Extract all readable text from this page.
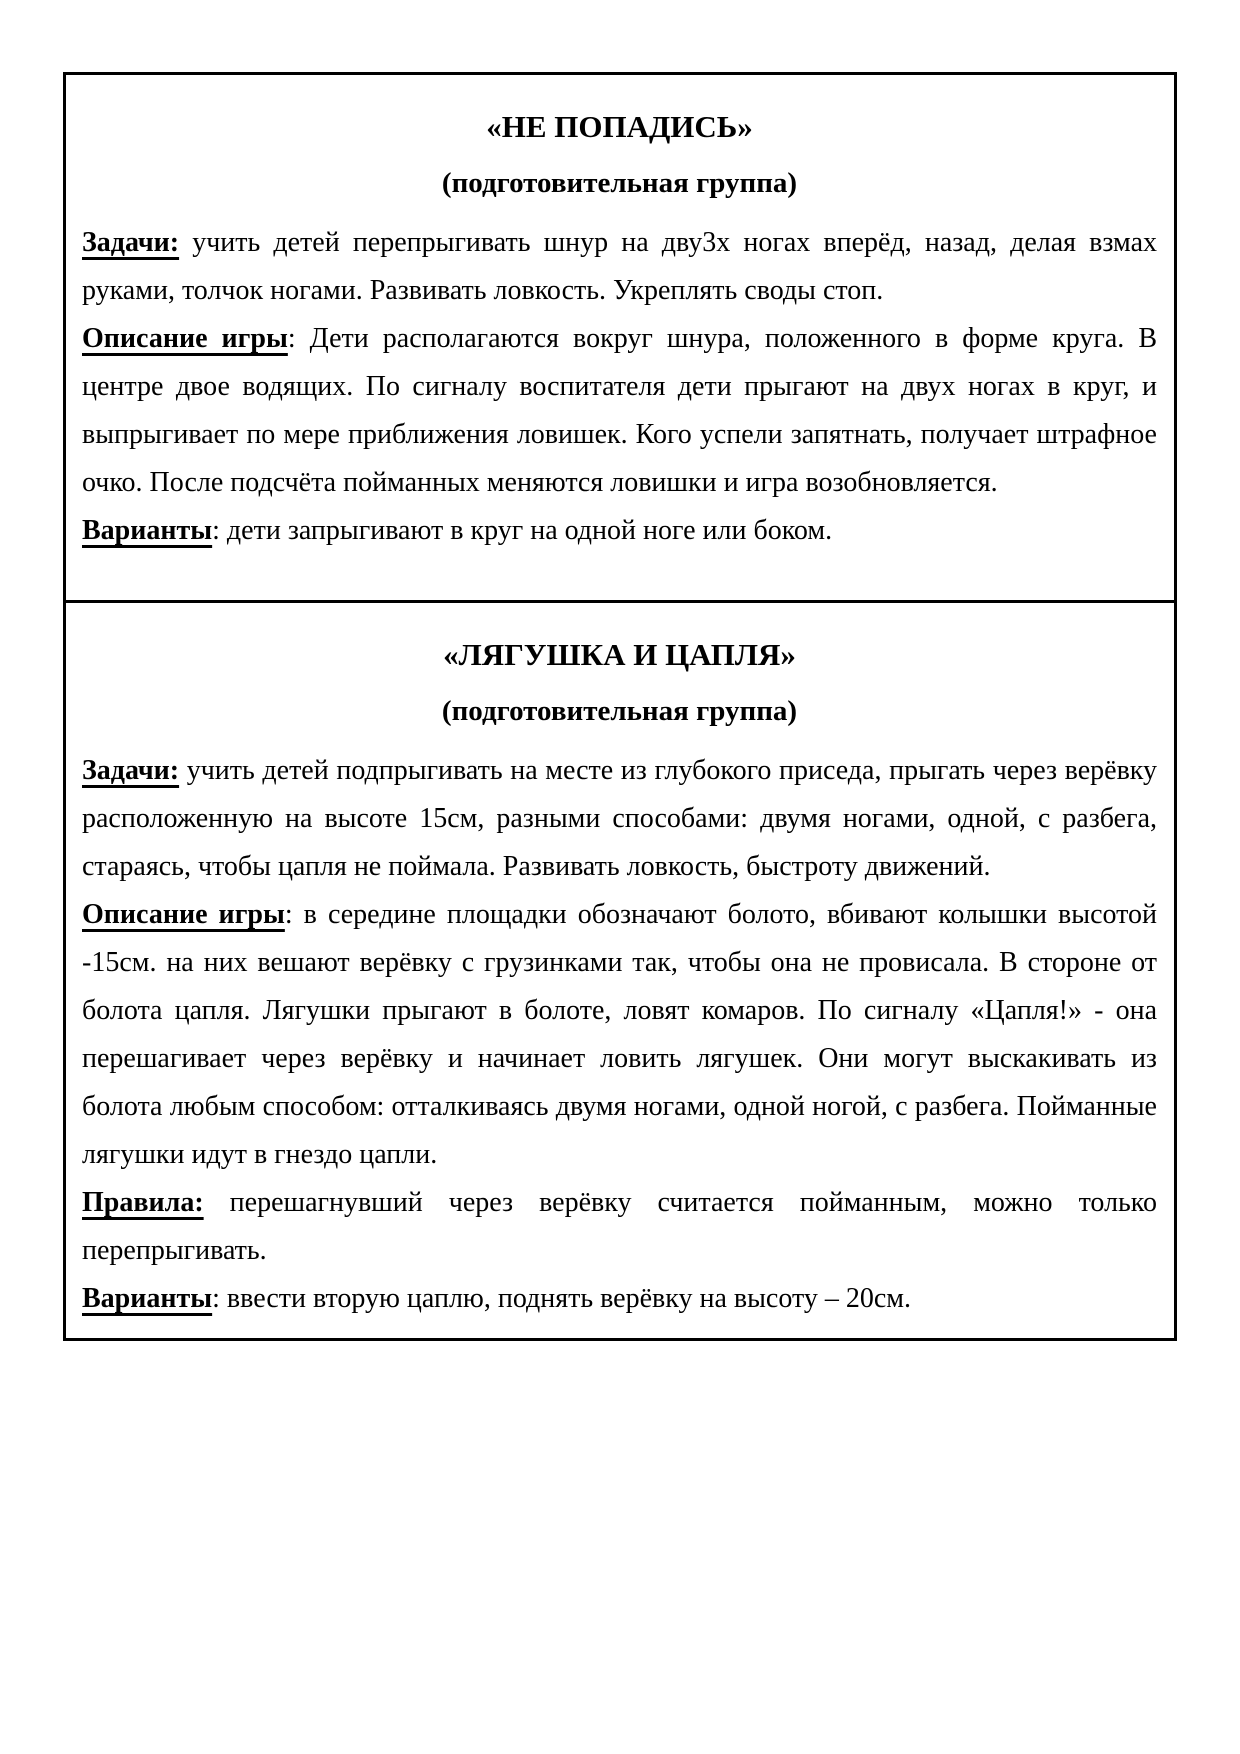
«НЕ ПОПАДИСЬ»
(подготовительная группа)

Задачи: учить детей перепрыгивать шнур на дву3х ногах вперёд, назад, делая взмах руками, толчок ногами. Развивать ловкость. Укреплять своды стоп.

Описание игры: Дети располагаются вокруг шнура, положенного в форме круга. В центре двое водящих. По сигналу воспитателя дети прыгают на двух ногах в круг, и выпрыгивает по мере приближения ловишек. Кого успели запятнать, получает штрафное очко. После подсчёта пойманных меняются ловишки и игра возобновляется.

Варианты: дети запрыгивают в круг на одной ноге или боком.

«ЛЯГУШКА И ЦАПЛЯ»
(подготовительная группа)

Задачи: учить детей подпрыгивать на месте из глубокого приседа, прыгать через верёвку расположенную на высоте 15см, разными способами: двумя ногами, одной, с разбега, стараясь, чтобы цапля не поймала. Развивать ловкость, быстроту движений.

Описание игры: в середине площадки обозначают болото, вбивают колышки высотой -15см. на них вешают верёвку с грузинками так, чтобы она не провисала. В стороне от болота цапля. Лягушки прыгают в болоте, ловят комаров. По сигналу «Цапля!» - она перешагивает через верёвку и начинает ловить лягушек. Они могут выскакивать из болота любым способом: отталкиваясь двумя ногами, одной ногой, с разбега. Пойманные лягушки идут в гнездо цапли.

Правила: перешагнувший через верёвку считается пойманным, можно только перепрыгивать.

Варианты: ввести вторую цаплю, поднять верёвку на высоту – 20см.
